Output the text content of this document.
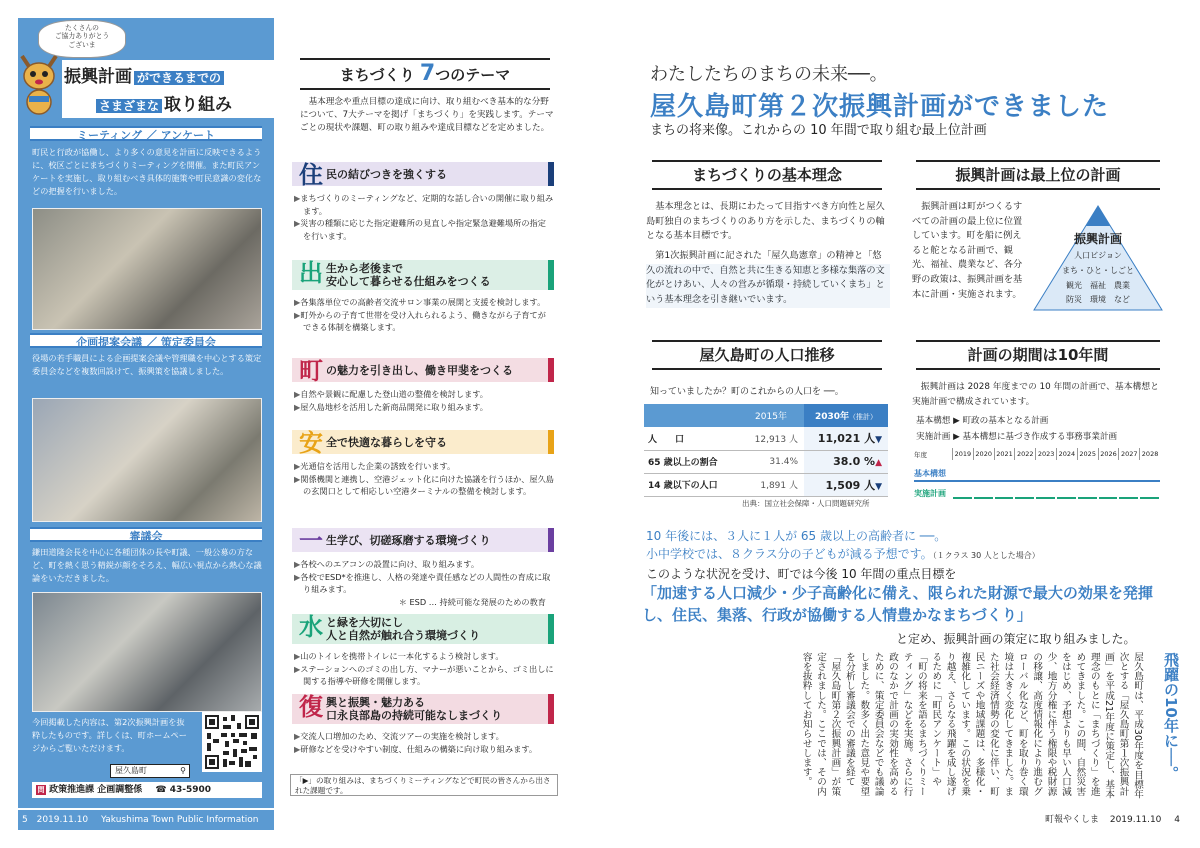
たくさんの
ご協力ありがとう
ございま
振興計画 ができるまでの
さまざまな 取り組み
ミーティング ／ アンケート
町民と行政が協働し、より多くの意見を計画に反映できるように、校区ごとにまちづくりミーティングを開催。また町民アンケートを実施し、取り組むべき具体的施策や町民意識の変化などの把握を行いました。
企画提案会議 ／ 策定委員会
役場の若手職員による企画提案会議や管理職を中心とする策定委員会などを複数回設けて、振興策を協議しました。
審議会
鎌田道隆会長を中心に各種団体の長や町議、一般公募の方など、町を熱く思う精鋭が顔をそろえ、幅広い視点から熱心な議論をいただきました。
今回掲載した内容は、第2次振興計画を抜粋したものです。詳しくは、町ホームページからご覧いただけます。
屋久島町	⚲
問 政策推進課 企画調整係 ☎ 43-5900
まちづくり 7つのテーマ
基本理念や重点目標の達成に向け、取り組むべき基本的な分野について、7大テーマを掲げ「まちづくり」を実践します。テーマごとの現状や課題、町の取り組みや達成目標などを定めました。
住 民の結びつきを強くする
▶まちづくりのミーティングなど、定期的な話し合いの開催に取り組みます。
▶災害の種類に応じた指定避難所の見直しや指定緊急避難場所の指定を行います。
出 生から老後まで
安心して暮らせる仕組みをつくる
▶各集落単位での高齢者交流サロン事業の展開と支援を検討します。
▶町外からの子育て世帯を受け入れられるよう、働きながら子育てができる体制を構築します。
町 の魅力を引き出し、働き甲斐をつくる
▶自然や景観に配慮した登山道の整備を検討します。
▶屋久島地杉を活用した新商品開発に取り組みます。
安 全で快適な暮らしを守る
▶光通信を活用した企業の誘致を行います。
▶関係機関と連携し、空港ジェット化に向けた協議を行うほか、屋久島の玄関口として相応しい空港ターミナルの整備を検討します。
一 生学び、切磋琢磨する環境づくり
▶各校へのエアコンの設置に向け、取り組みます。
▶各校でESD*を推進し、人格の発達や責任感などの人間性の育成に取り組みます。
＊ ESD … 持続可能な発展のための教育
水 と緑を大切にし
人と自然が触れ合う環境づくり
▶山のトイレを携帯トイレに一本化するよう検討します。
▶ステーションへのゴミの出し方、マナーが悪いことから、ゴミ出しに関する指導や研修を開催します。
復 興と振興・魅力ある
口永良部島の持続可能なしまづくり
▶交流人口増加のため、交流ツアーの実施を検討します。
▶研修などを受けやすい制度、仕組みの構築に向け取り組みます。
「▶」の取り組みは、まちづくりミーティングなどで町民の皆さんから出された課題です。
わたしたちのまちの未来──。
屋久島町第２次振興計画ができました
まちの将来像。これからの 10 年間で取り組む最上位計画
まちづくりの基本理念
基本理念とは、長期にわたって目指すべき方向性と屋久島町独自のまちづくりのあり方を示した、まちづくりの軸となる基本目標です。
第1次振興計画に記された「屋久島憲章」の精神と「悠久の流れの中で、自然と共に生きる知恵と多様な集落の文化がとけあい、人々の営みが循環・持続していくまち」という基本理念を引き継いでいます。
振興計画は最上位の計画
振興計画は町がつくるすべての計画の最上位に位置しています。町を船に例えると舵となる計画で、観光、福祉、農業など、各分野の政策は、振興計画を基本に計画・実施されます。
振興計画
人口ビジョン
まち・ひと・しごと
観光　福祉　農業
防災　環境　など
屋久島町の人口推移
知っていましたか？町のこれからの人口を ──。
	2015年	2030年（推計）
人　　口	12,913 人	11,021 人▼
65 歳以上の割合	31.4%	38.0 %▲
14 歳以下の人口	1,891 人	1,509 人▼
出典：国立社会保障・人口問題研究所
計画の期間は10年間
振興計画は 2028 年度までの 10 年間の計画で、基本構想と実施計画で構成されています。
基本構想 ▶ 町政の基本となる計画
実施計画 ▶ 基本構想に基づき作成する事務事業計画
年度	2019 2020 2021 2022 2023 2024 2025 2026 2027 2028
基本構想
実施計画
10 年後には、３人に１人が 65 歳以上の高齢者に ──。
小中学校では、８クラス分の子どもが減る予想です。（１クラス 30 人とした場合）
このような状況を受け、町では今後 10 年間の重点目標を
「加速する人口減少・少子高齢化に備え、限られた財源で最大の効果を発揮し、住民、集落、行政が協働する人情豊かなまちづくり」
と定め、振興計画の策定に取り組みました。
飛躍の10年に──。
屋久島町は、平成30年度を目標年次とする「屋久島町第１次振興計画」を平成21年度に策定し、基本理念のもとに「まちづくり」を進めてきました。この間、自然災害をはじめ、予想よりも早い人口減少、地方分権に伴う権限や税財源の移譲、高度情報化により進むグローバル化など、町を取り巻く環境は大きく変化してきました。また社会経済情勢の変化に伴い、町民ニーズや地域課題は、多様化・複雑化しています。この状況を乗り越え、さらなる飛躍を成し遂げるために「町民アンケート」や「町の将来を語るまちづくりミーティング」などを実施。さらに行政のなかで計画の実効性を高めるために、策定委員会などでも議論しました。数多く出た意見や要望を分析し審議会での審議を経て「屋久島町第２次振興計画」が策定されました。ここでは、その内容を抜粋してお知らせします。
5 2019.11.10 Yakushima Town Public Information	町報やくしま 2019.11.10 4
